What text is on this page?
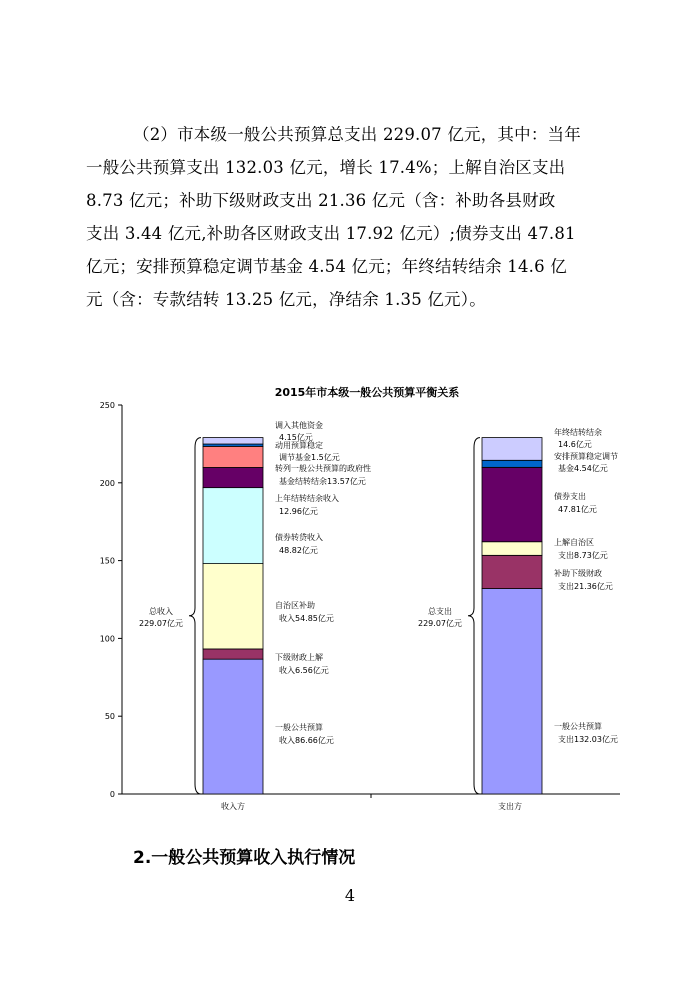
（2）市本级一般公共预算总支出 229.07 亿元，其中：当年
一般公共预算支出 132.03 亿元，增长 17.4%；上解自治区支出
8.73 亿元；补助下级财政支出 21.36 亿元（含：补助各县财政
支出 3.44 亿元,补助各区财政支出 17.92 亿元）;债券支出 47.81
亿元；安排预算稳定调节基金 4.54 亿元；年终结转结余 14.6 亿
元（含：专款结转 13.25 亿元，净结余 1.35 亿元）。
2015年市本级一般公共预算平衡关系
0
50
100
150
200
250
一般公共预算
收入86.66亿元
下级财政上解
收入6.56亿元
自治区补助
收入54.85亿元
债券转贷收入
48.82亿元
上年结转结余收入
12.96亿元
转列一般公共预算的政府性
基金结转结余13.57亿元
动用预算稳定
调节基金1.5亿元
调入其他资金
4.15亿元
总收入
229.07亿元
收入方
一般公共预算
支出132.03亿元
补助下级财政
支出21.36亿元
上解自治区
支出8.73亿元
债券支出
47.81亿元
安排预算稳定调节
基金4.54亿元
年终结转结余
14.6亿元
总支出
229.07亿元
支出方
2.一般公共预算收入执行情况
4
